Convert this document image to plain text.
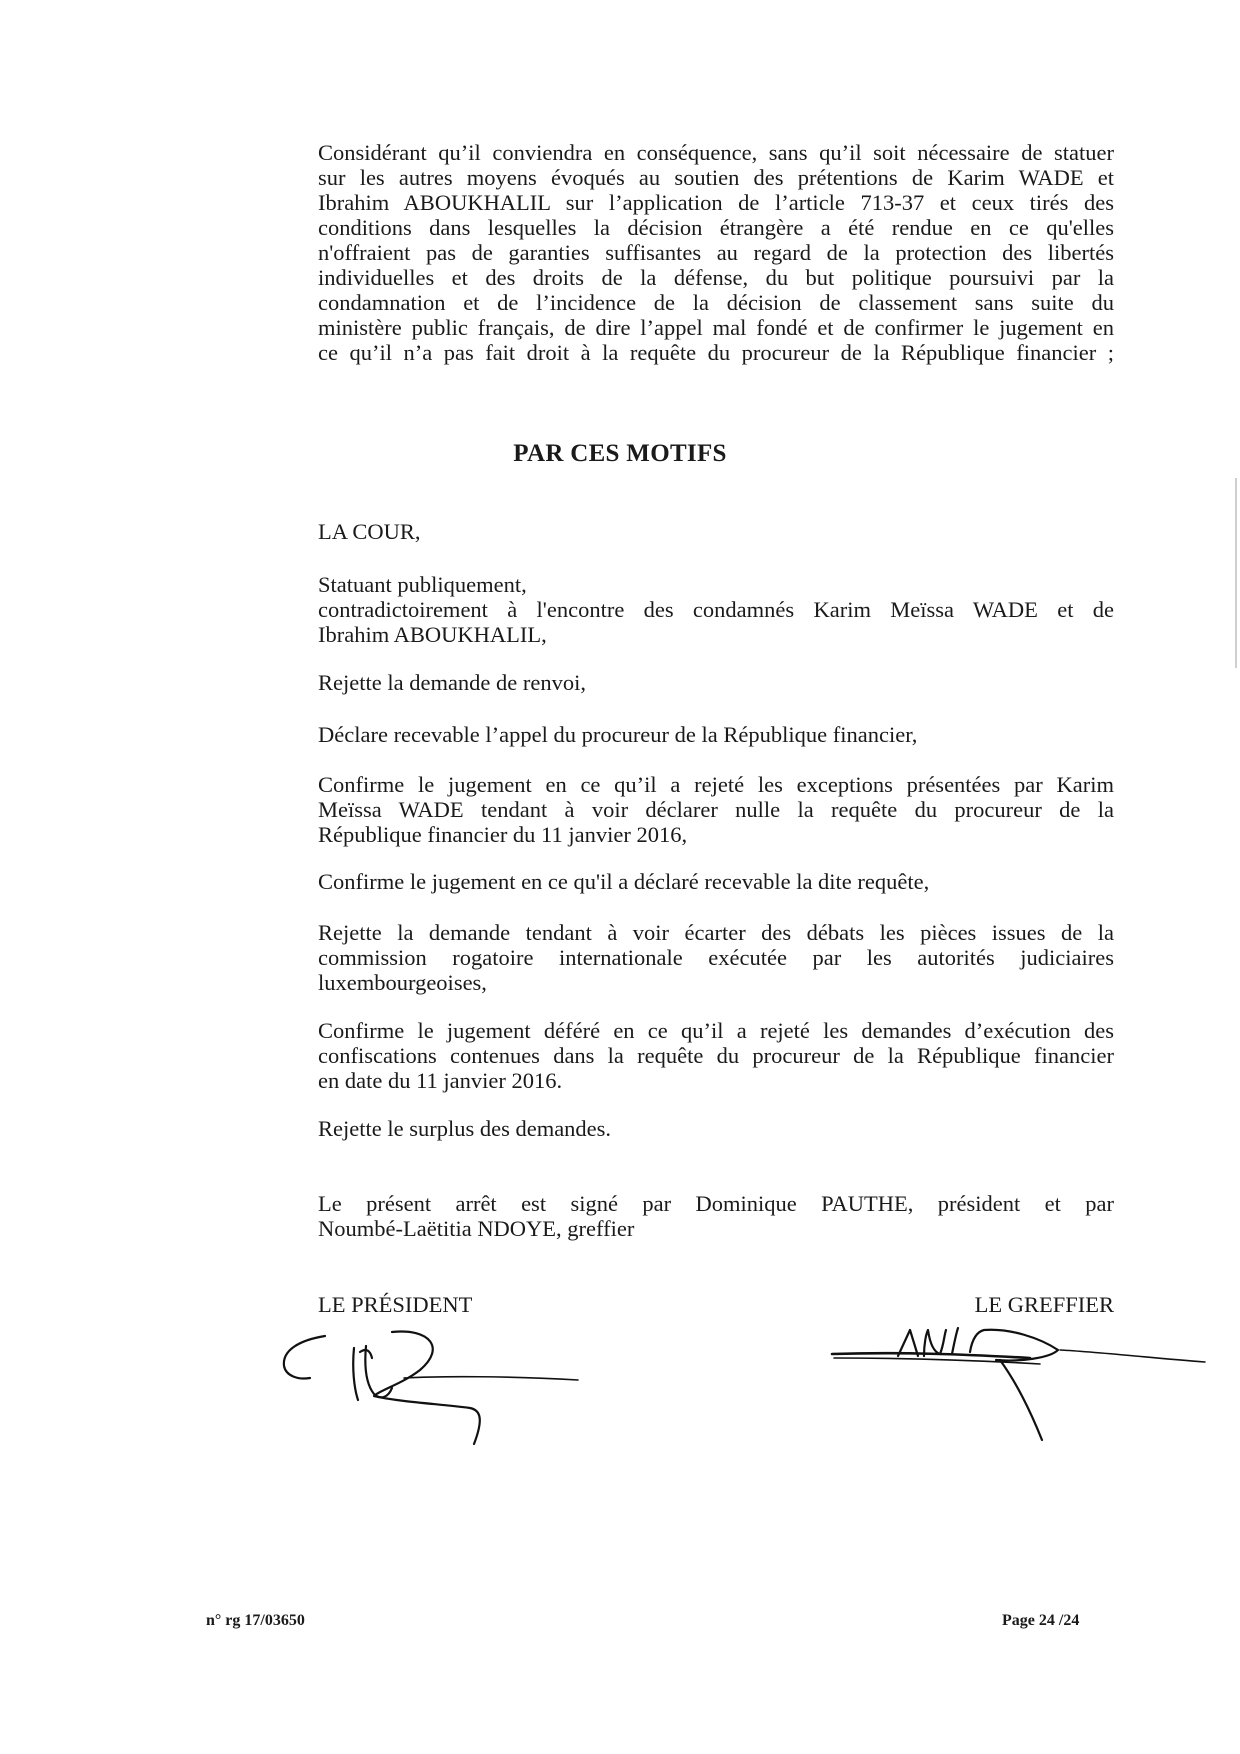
Considérant qu’il conviendra en conséquence, sans qu’il soit nécessaire de statuer

sur les autres moyens évoqués au soutien des prétentions de Karim WADE et

Ibrahim ABOUKHALIL sur l’application de l’article 713-37 et ceux tirés des

conditions dans lesquelles la décision étrangère a été rendue en ce qu'elles

n'offraient pas de garanties suffisantes au regard de la protection des libertés

individuelles et des droits de la défense, du but politique poursuivi par la

condamnation et de l’incidence de la décision de classement sans suite du

ministère public français, de dire l’appel mal fondé et de confirmer le jugement en

ce qu’il n’a pas fait droit à la requête du procureur de la République financier ;

PAR CES MOTIFS

LA COUR,

Statuant publiquement,

contradictoirement à l'encontre des condamnés Karim Meïssa WADE et de

Ibrahim ABOUKHALIL,

Rejette la demande de renvoi,

Déclare recevable l’appel du procureur de la République financier,

Confirme le jugement en ce qu’il a rejeté les exceptions présentées par Karim

Meïssa WADE tendant à voir déclarer nulle la requête du procureur de la

République financier du 11 janvier 2016,

Confirme le jugement en ce qu'il a déclaré recevable la dite requête,

Rejette la demande tendant à voir écarter des débats les pièces issues de la

commission rogatoire internationale exécutée par les autorités judiciaires

luxembourgeoises,

Confirme le jugement déféré en ce qu’il a rejeté les demandes d’exécution des

confiscations contenues dans la requête du procureur de la République financier

en date du 11 janvier 2016.

Rejette le surplus des demandes.

Le présent arrêt est signé par Dominique PAUTHE, président et par

Noumbé-Laëtitia NDOYE, greffier

LE PRÉSIDENT	LE GREFFIER
n° rg 17/03650	Page 24 /24
